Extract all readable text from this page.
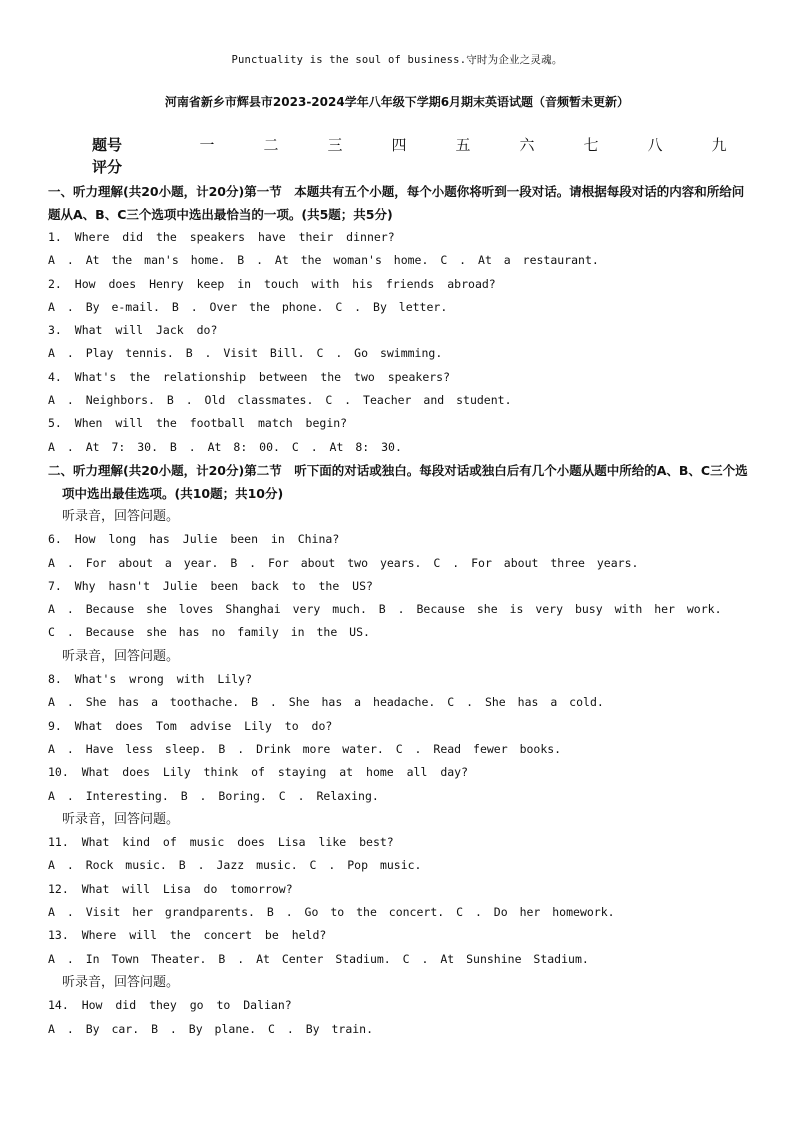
Punctuality is the soul of business.守时为企业之灵魂。
河南省新乡市辉县市2023-2024学年八年级下学期6月期末英语试题（音频暂未更新）
题号	一	二	三	四	五	六	七	八	九
评分
一、听力理解(共20小题，计20分)第一节　本题共有五个小题，每个小题你将听到一段对话。请根据每段对话的内容和所给问题从A、B、C三个选项中选出最恰当的一项。(共5题；共5分)
1. Where did the speakers have their dinner?
A . At the man's home. B . At the woman's home. C . At a restaurant.
2. How does Henry keep in touch with his friends abroad?
A . By e-mail. B . Over the phone. C . By letter.
3. What will Jack do?
A . Play tennis. B . Visit Bill. C . Go swimming.
4. What's the relationship between the two speakers?
A . Neighbors. B . Old classmates. C . Teacher and student.
5. When will the football match begin?
A . At 7: 30. B . At 8: 00. C . At 8: 30.
二、听力理解(共20小题，计20分)第二节　听下面的对话或独白。每段对话或独白后有几个小题从题中所给的A、B、C三个选项中选出最佳选项。(共10题；共10分)
听录音，回答问题。
6. How long has Julie been in China?
A . For about a year. B . For about two years. C . For about three years.
7. Why hasn't Julie been back to the US?
A . Because she loves Shanghai very much. B . Because she is very busy with her work.
C . Because she has no family in the US.
听录音，回答问题。
8. What's wrong with Lily?
A . She has a toothache. B . She has a headache. C . She has a cold.
9. What does Tom advise Lily to do?
A . Have less sleep. B . Drink more water. C . Read fewer books.
10. What does Lily think of staying at home all day?
A . Interesting. B . Boring. C . Relaxing.
听录音，回答问题。
11. What kind of music does Lisa like best?
A . Rock music. B . Jazz music. C . Pop music.
12. What will Lisa do tomorrow?
A . Visit her grandparents. B . Go to the concert. C . Do her homework.
13. Where will the concert be held?
A . In Town Theater. B . At Center Stadium. C . At Sunshine Stadium.
听录音，回答问题。
14. How did they go to Dalian?
A . By car. B . By plane. C . By train.
